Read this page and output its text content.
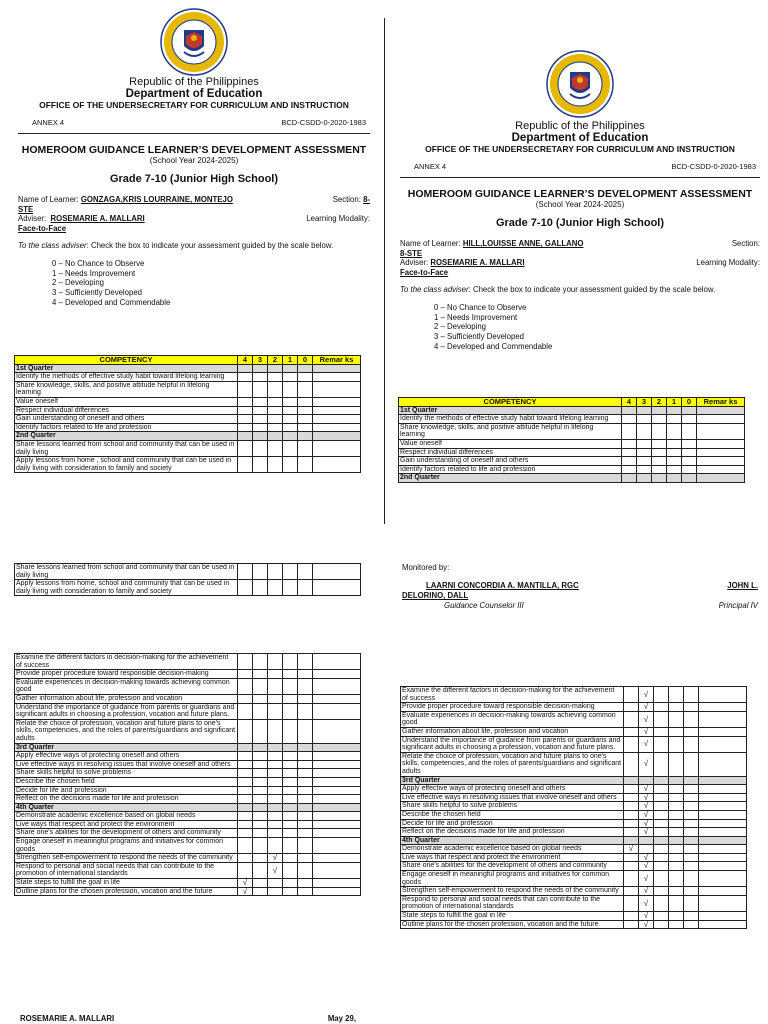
Republic of the Philippines
Department of Education
OFFICE OF THE UNDERSECRETARY FOR CURRICULUM AND INSTRUCTION
ANNEX 4	BCD-CSDD-0-2020-1983
HOMEROOM GUIDANCE LEARNER’S DEVELOPMENT ASSESSMENT
(School Year 2024-2025)
Grade 7-10 (Junior High School)
Name of Learner: GONZAGA,KRIS LOURRAINE, MONTEJO	Section: 8-
STE
Adviser: ROSEMARIE A. MALLARI	Learning Modality:
Face-to-Face
To the class adviser: Check the box to indicate your assessment guided by the scale below.
0 – No Chance to Observe
1 – Needs Improvement
2 – Developing
3 – Sufficiently Developed
4 – Developed and Commendable
COMPETENCY	4	3	2	1	0	Remar ks
1st Quarter						
Identify the methods of effective study habit toward lifelong learning						
Share knowledge, skills, and positive attitude helpful in lifelong learning						
Value oneself						
Respect individual differences						
Gain understanding of oneself and others						
Identify factors related to life and profession						
2nd Quarter						
Share lessons learned from school and community that can be used in daily living						
Apply lessons from home , school and community that can be used in daily living with consideration to family and society						
Share lessons learned from school and community that can be used in daily living						
Apply lessons from home, school and community that can be used in daily living with consideration to family and society						
Examine the different factors in decision-making for the achievement of success						
Provide proper procedure toward responsible decision-making						
Evaluate experiences in decision-making towards achieving common good						
Gather information about life, profession and vocation						
Understand the importance of guidance from parents or guardians and significant adults in choosing a profession, vocation and future plans.						
Relate the choice of profession, vocation and future plans to one's skills, competencies, and the roles of parents/guardians and significant adults						
3rd Quarter						
Apply effective ways of protecting oneself and others						
Live effective ways in resolving issues that involve oneself and others						
Share skills helpful to solve problems						
Describe the chosen field						
Decide for life and profession						
Reflect on the decisions made for life and profession						
4th Quarter						
Demonstrate academic excellence based on global needs						
Live ways that respect and protect the environment						
Share one's abilities for the development of others and community						
Engage oneself in meaningful programs and initiatives for common goods						
Strengthen self-empowerment to respond the needs of the community			√			
Respond to personal and social needs that can contribute to the promotion of international standards			√			
State steps to fulfill the goal in life	√					
Outline plans for the chosen profession, vocation and the future	√					
ROSEMARIE A. MALLARI	May 29,
Republic of the Philippines
Department of Education
OFFICE OF THE UNDERSECRETARY FOR CURRICULUM AND INSTRUCTION
ANNEX 4	BCD-CSDD-0-2020-1983
HOMEROOM GUIDANCE LEARNER’S DEVELOPMENT ASSESSMENT
(School Year 2024-2025)
Grade 7-10 (Junior High School)
Name of Learner: HILL,LOUISSE ANNE, GALLANO	Section:
8-STE
Adviser: ROSEMARIE A. MALLARI	Learning Modality:
Face-to-Face
To the class adviser: Check the box to indicate your assessment guided by the scale below.
0 – No Chance to Observe
1 – Needs Improvement
2 – Developing
3 – Sufficiently Developed
4 – Developed and Commendable
COMPETENCY	4	3	2	1	0	Remar ks
1st Quarter						
Identify the methods of effective study habit toward lifelong learning						
Share knowledge, skills, and positive attitude helpful in lifelong learning						
Value oneself						
Respect individual differences						
Gain understanding of oneself and others						
Identify factors related to life and profession						
2nd Quarter						
Monitored by:
LAARNI CONCORDIA A. MANTILLA, RGC	JOHN L.
DELORINO, DALL
Guidance Counselor III	Principal IV
Examine the different factors in decision-making for the achievement of success		√				
Provide proper procedure toward responsible decision-making		√				
Evaluate experiences in decision-making towards achieving common good		√				
Gather information about life, profession and vocation		√				
Understand the importance of guidance from parents or guardians and significant adults in choosing a profession, vocation and future plans.		√				
Relate the choice of profession, vocation and future plans to one's skills, competencies, and the roles of parents/guardians and significant adults		√				
3rd Quarter						
Apply effective ways of protecting oneself and others		√				
Live effective ways in resolving issues that involve oneself and others		√				
Share skills helpful to solve problems		√				
Describe the chosen field		√				
Decide for life and profession		√				
Reflect on the decisions made for life and profession		√				
4th Quarter						
Demonstrate academic excellence based on global needs	√					
Live ways that respect and protect the environment		√				
Share one's abilities for the development of others and community		√				
Engage oneself in meaningful programs and initiatives for common goods		√				
Strengthen self-empowerment to respond the needs of the community		√				
Respond to personal and social needs that can contribute to the promotion of international standards		√				
State steps to fulfill the goal in life		√				
Outline plans for the chosen profession, vocation and the future		√				
